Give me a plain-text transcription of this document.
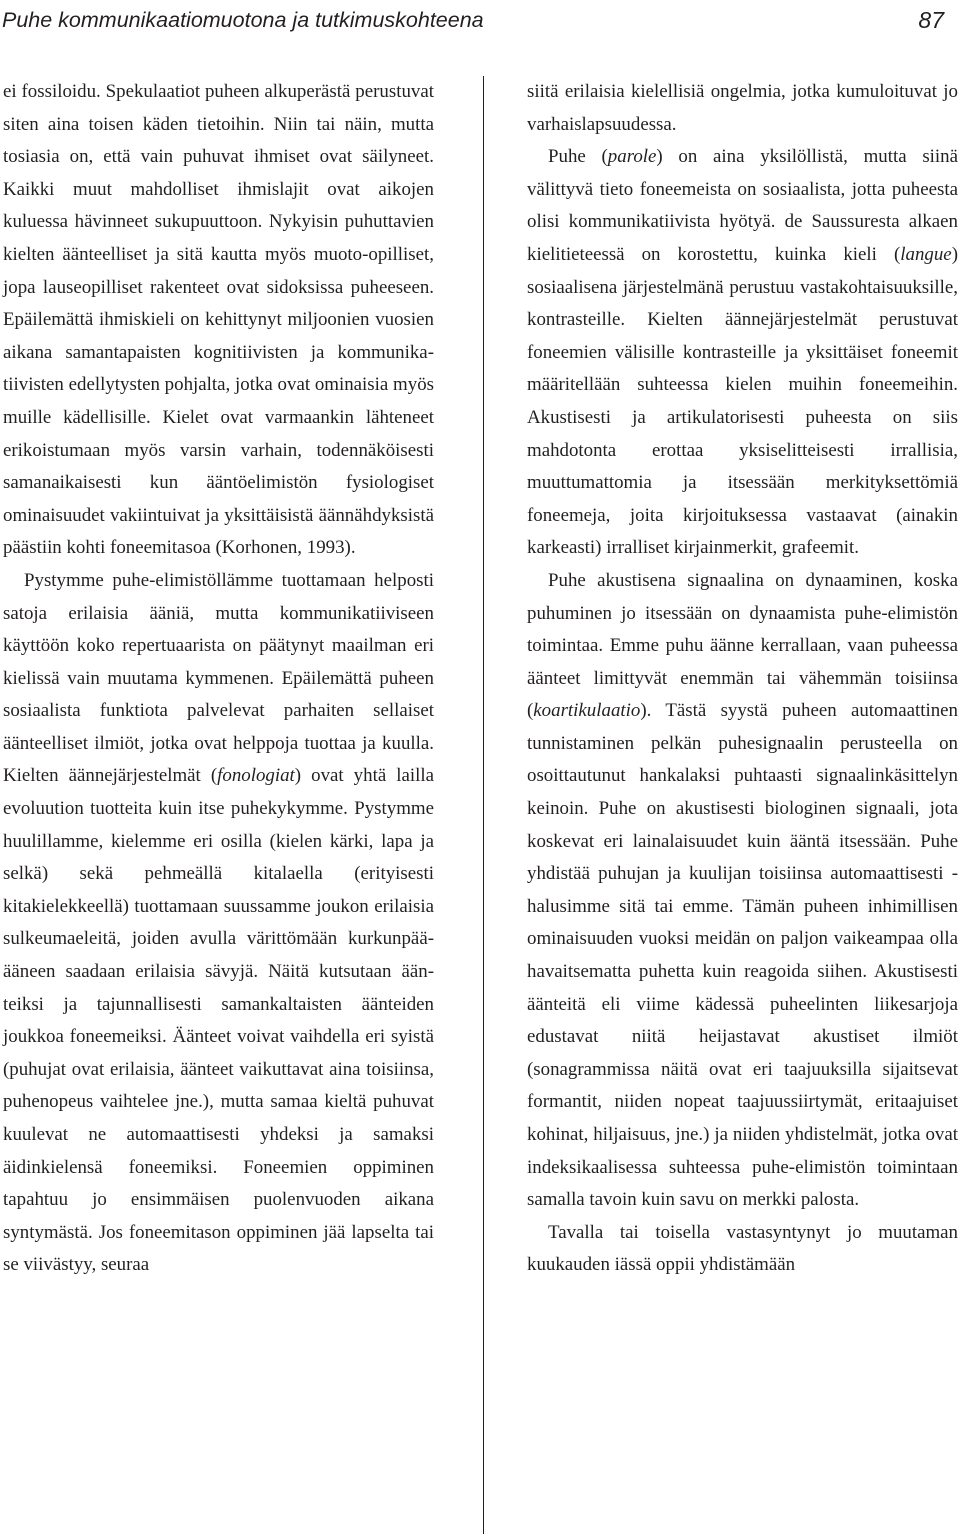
Puhe kommunikaatiomuotona ja tutkimuskohteena	87

ei fossiloidu. Spekulaatiot puheen alkuperästä perustuvat siten aina toisen käden tietoihin. Niin tai näin, mutta tosiasia on, että vain puhuvat ihmiset ovat säilyneet. Kaikki muut mahdolliset ihmislajit ovat aikojen kuluessa hävinneet sukupuuttoon. Nykyisin puhuttavien kielten äänteelliset ja sitä kautta myös muoto-opilliset, jopa lauseopilliset rakenteet ovat sidoksissa puheeseen. Epäilemättä ihmiskieli on kehittynyt miljoonien vuosien aikana samantapaisten kognitiivisten ja kommunikatiivisten edellytysten pohjalta, jotka ovat ominaisia myös muille kädellisille. Kielet ovat varmaankin lähteneet erikoistumaan myös varsin varhain, todennäköisesti samanaikaisesti kun ääntöelimistön fysiologiset ominaisuudet vakiintuivat ja yksittäisistä äännähdyksistä päästiin kohti foneemitasoa (Korhonen, 1993).

Pystymme puhe-elimistöllämme tuottamaan helposti satoja erilaisia ääniä, mutta kommunikatiiviseen käyttöön koko repertuaarista on päätynyt maailman eri kielissä vain muutama kymmenen. Epäilemättä puheen sosiaalista funktiota palvelevat parhaiten sellaiset äänteelliset ilmiöt, jotka ovat helppoja tuottaa ja kuulla. Kielten äännejärjestelmät (fonologiat) ovat yhtä lailla evoluution tuotteita kuin itse puhekykymme. Pystymme huulillamme, kielemme eri osilla (kielen kärki, lapa ja selkä) sekä pehmeällä kitalaella (erityisesti kitakielekkeellä) tuottamaan suussamme joukon erilaisia sulkeumaeleitä, joiden avulla värittömään kurkunpää-ääneen saadaan erilaisia sävyjä. Näitä kutsutaan äänteiksi ja tajunnallisesti samankaltaisten äänteiden joukkoa foneemeiksi. Äänteet voivat vaihdella eri syistä (puhujat ovat erilaisia, äänteet vaikuttavat aina toisiinsa, puhenopeus vaihtelee jne.), mutta samaa kieltä puhuvat kuulevat ne automaattisesti yhdeksi ja samaksi äidinkielensä foneemiksi. Foneemien oppiminen tapahtuu jo ensimmäisen puolenvuoden aikana syntymästä. Jos foneemitason oppiminen jää lapselta tai se viivästyy, seuraa

siitä erilaisia kielellisiä ongelmia, jotka kumuloituvat jo varhaislapsuudessa.

Puhe (parole) on aina yksilöllistä, mutta siinä välittyvä tieto foneemeista on sosiaalista, jotta puheesta olisi kommunikatiivista hyötyä. de Saussuresta alkaen kielitieteessä on korostettu, kuinka kieli (langue) sosiaalisena järjestelmänä perustuu vastakohtaisuuksille, kontrasteille. Kielten äännejärjestelmät perustuvat foneemien välisille kontrasteille ja yksittäiset foneemit määritellään suhteessa kielen muihin foneemeihin. Akustisesti ja artikulatorisesti puheesta on siis mahdotonta erottaa yksiselitteisesti irrallisia, muuttumattomia ja itsessään merkityksettömiä foneemeja, joita kirjoituksessa vastaavat (ainakin karkeasti) irralliset kirjainmerkit, grafeemit.

Puhe akustisena signaalina on dynaaminen, koska puhuminen jo itsessään on dynaamista puhe-elimistön toimintaa. Emme puhu äänne kerrallaan, vaan puheessa äänteet limittyvät enemmän tai vähemmän toisiinsa (koartikulaatio). Tästä syystä puheen automaattinen tunnistaminen pelkän puhesignaalin perusteella on osoittautunut hankalaksi puhtaasti signaalinkäsittelyn keinoin. Puhe on akustisesti biologinen signaali, jota koskevat eri lainalaisuudet kuin ääntä itsessään. Puhe yhdistää puhujan ja kuulijan toisiinsa automaattisesti - halusimme sitä tai emme. Tämän puheen inhimillisen ominaisuuden vuoksi meidän on paljon vaikeampaa olla havaitsematta puhetta kuin reagoida siihen. Akustisesti äänteitä eli viime kädessä puheelinten liikesarjoja edustavat niitä heijastavat akustiset ilmiöt (sonagrammissa näitä ovat eri taajuuksilla sijaitsevat formantit, niiden nopeat taajuussiirtymät, eritaajuiset kohinat, hiljaisuus, jne.) ja niiden yhdistelmät, jotka ovat indeksikaalisessa suhteessa puhe-elimistön toimintaan samalla tavoin kuin savu on merkki palosta.

Tavalla tai toisella vastasyntynyt jo muutaman kuukauden iässä oppii yhdistämään
